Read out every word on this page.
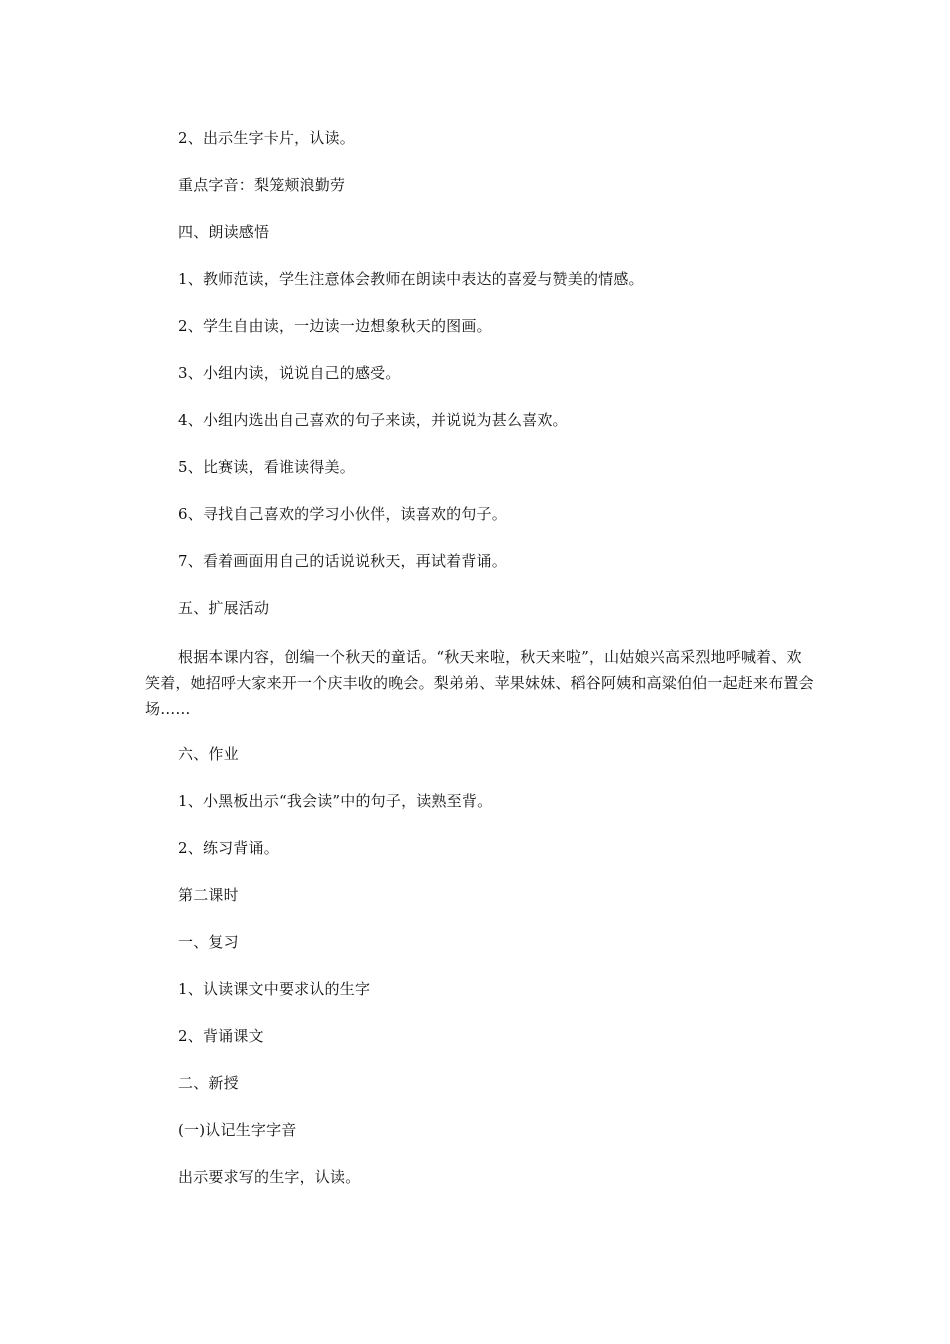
2、出示生字卡片，认读。
重点字音：梨笼颊浪勤劳
四、朗读感悟
1、教师范读，学生注意体会教师在朗读中表达的喜爱与赞美的情感。
2、学生自由读，一边读一边想象秋天的图画。
3、小组内读，说说自己的感受。
4、小组内选出自己喜欢的句子来读，并说说为甚么喜欢。
5、比赛读，看谁读得美。
6、寻找自己喜欢的学习小伙伴，读喜欢的句子。
7、看着画面用自己的话说说秋天，再试着背诵。
五、扩展活动
根据本课内容，创编一个秋天的童话。“秋天来啦，秋天来啦”，山姑娘兴高采烈地呼喊着、欢笑着，她招呼大家来开一个庆丰收的晚会。梨弟弟、苹果妹妹、稻谷阿姨和高粱伯伯一起赶来布置会场……
六、作业
1、小黑板出示“我会读”中的句子，读熟至背。
2、练习背诵。
第二课时
一、复习
1、认读课文中要求认的生字
2、背诵课文
二、新授
(一)认记生字字音
出示要求写的生字，认读。
